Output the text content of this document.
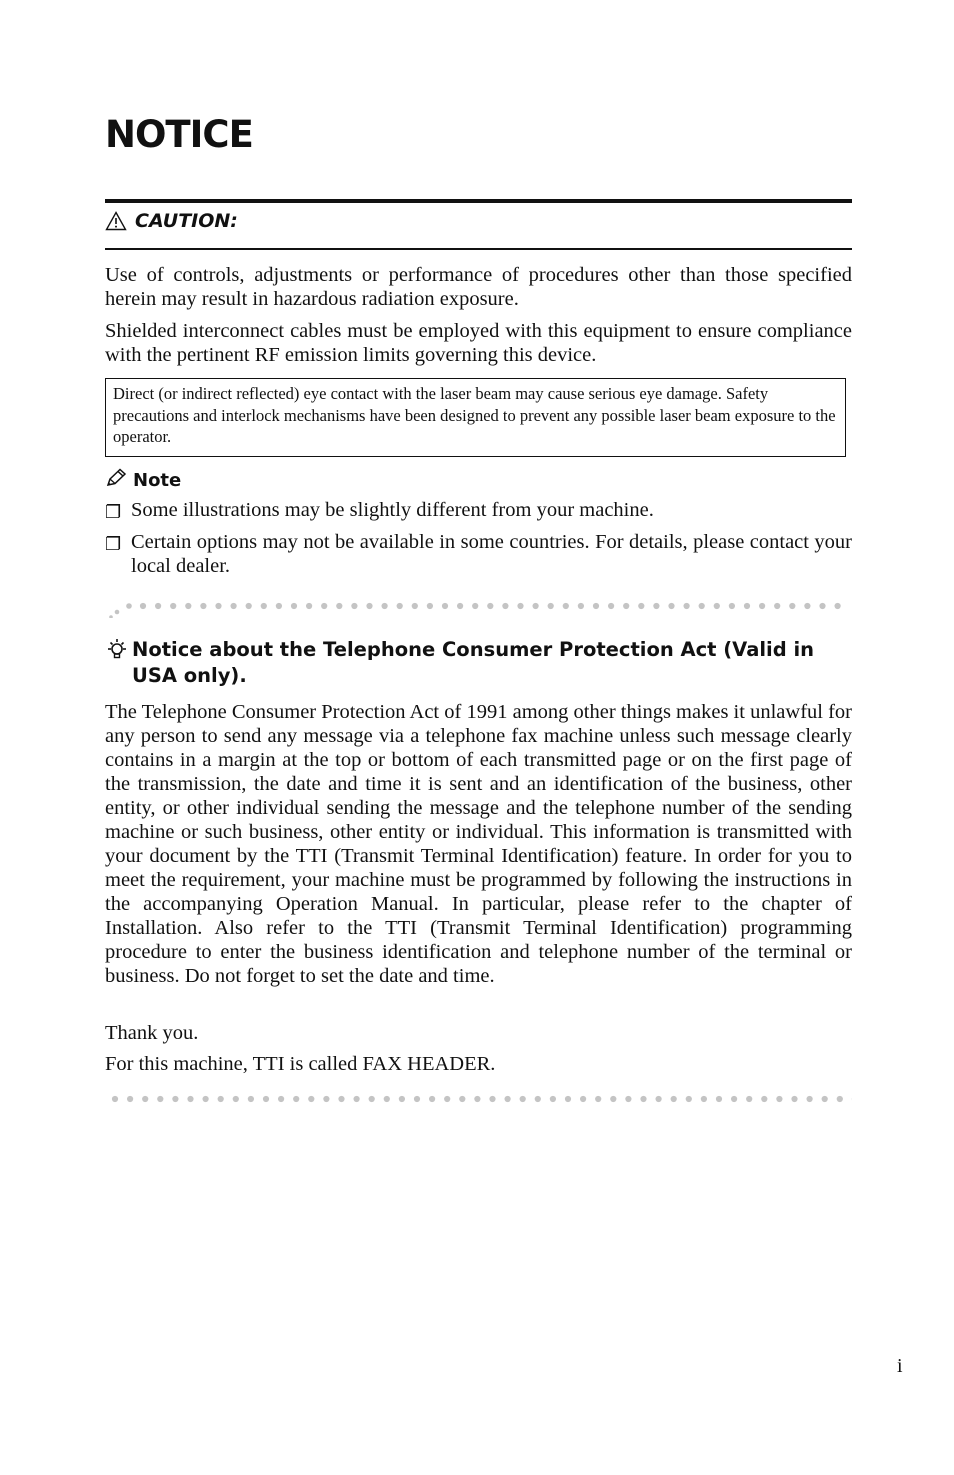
NOTICE
CAUTION:

Use of controls, adjustments or performance of procedures other than those specified herein may result in hazardous radiation exposure.

Shielded interconnect cables must be employed with this equipment to ensure compliance with the pertinent RF emission limits governing this device.

Direct (or indirect reflected) eye contact with the laser beam may cause serious eye damage. Safety precautions and interlock mechanisms have been designed to prevent any possible laser beam exposure to the operator.
Note
❐ Some illustrations may be slightly different from your machine.
❐ Certain options may not be available in some countries. For details, please contact your local dealer.
Notice about the Telephone Consumer Protection Act (Valid in USA only).

The Telephone Consumer Protection Act of 1991 among other things makes it unlawful for any person to send any message via a telephone fax machine unless such message clearly contains in a margin at the top or bottom of each transmitted page or on the first page of the transmission, the date and time it is sent and an identification of the business, other entity, or other individual sending the message and the telephone number of the sending machine or such business, other entity or individual. This information is transmitted with your document by the TTI (Transmit Terminal Identification) feature. In order for you to meet the requirement, your machine must be programmed by following the instructions in the accompanying Operation Manual. In particular, please refer to the chapter of Installation. Also refer to the TTI (Transmit Terminal Identification) programming procedure to enter the business identification and telephone number of the terminal or business. Do not forget to set the date and time.

Thank you.

For this machine, TTI is called FAX HEADER.

i
